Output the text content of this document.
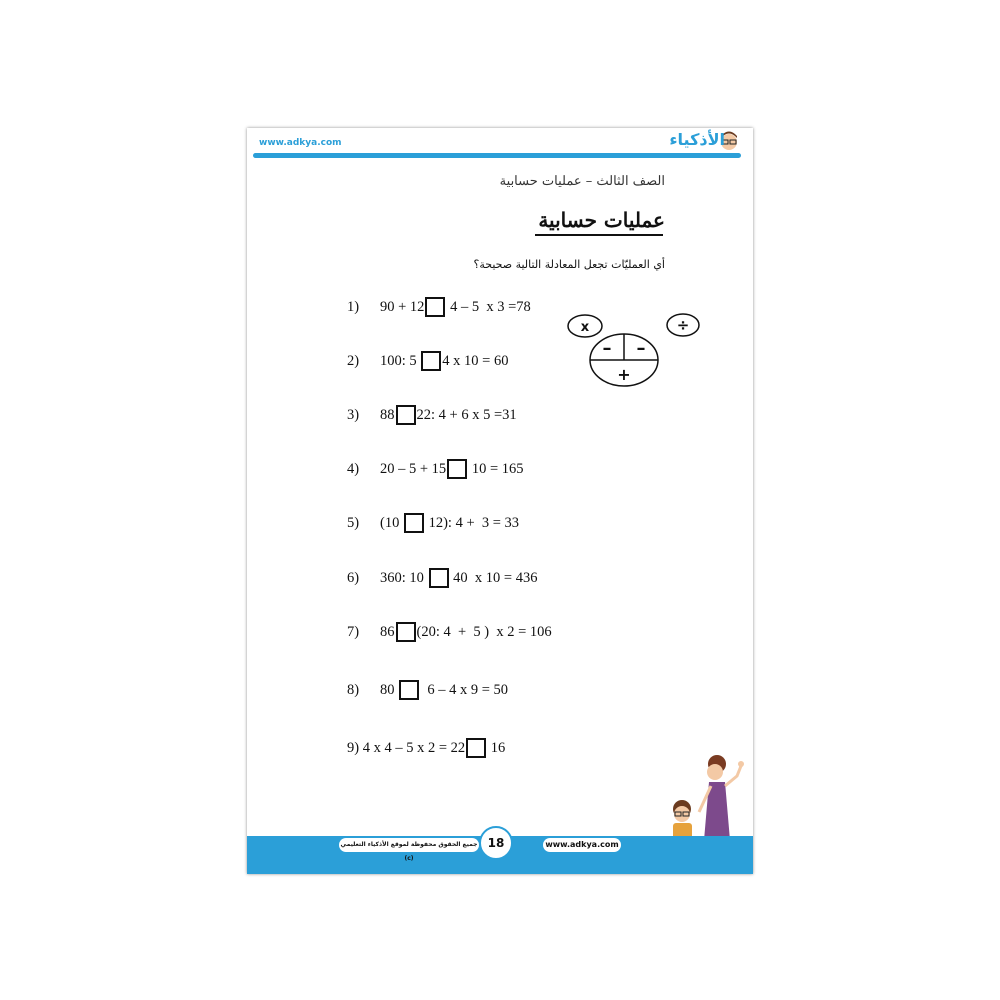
www.adkya.com	الأذكياء
الصف الثالث – عمليات حسابية
عمليات حسابية
أي العمليّات تجعل المعادلة التالية صحيحة؟
1)	90 + 12 4 – 5  x 3 =78
2)	100: 5 4 x 10 = 60
3)	88 22: 4 + 6 x 5 =31
4)	20 – 5 + 15 10 = 165
5)	(10 12): 4 +  3 = 33
6)	360: 10 40  x 10 = 436
7)	86 (20: 4  +  5 )  x 2 = 106
8)	80 6 – 4 x 9 = 50
9) 4 x 4 – 5 x 2 = 22 16
x	÷
– –
+
جميع الحقوق محفوظة لموقع الأذكياء التعليمي (c)
www.adkya.com
18
